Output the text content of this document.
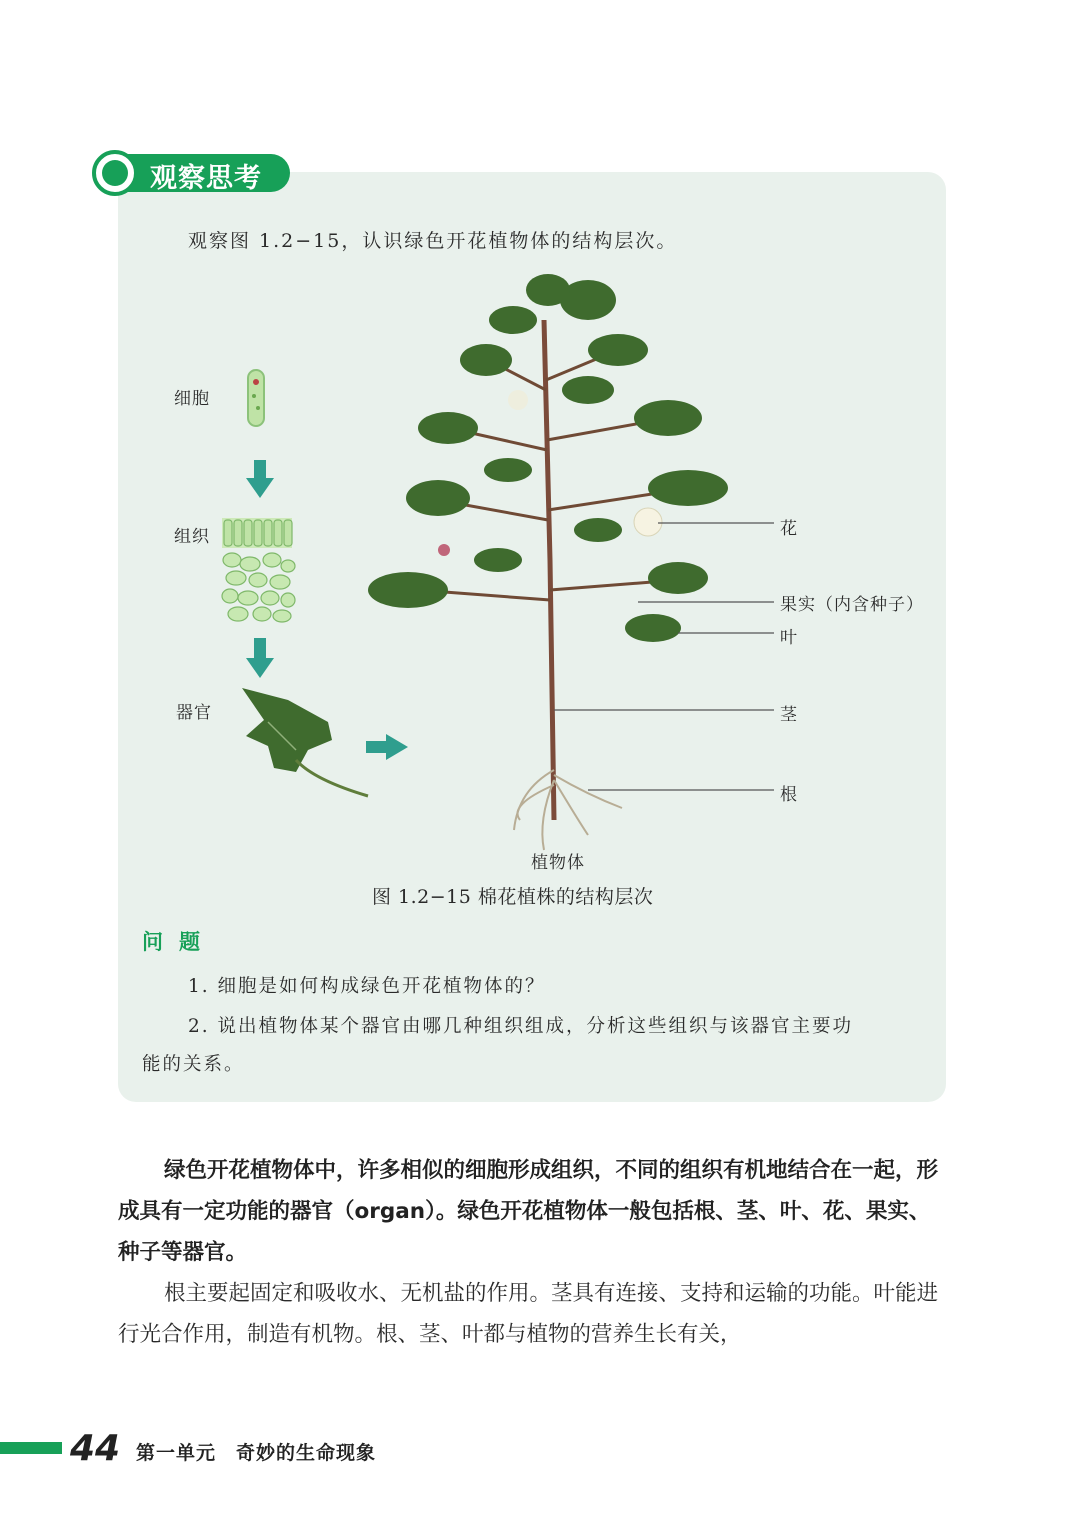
观察思考
观察图 1.2−15，认识绿色开花植物体的结构层次。
细胞
组织
器官
植物体
花
果实（内含种子）
叶
茎
根
图 1.2−15 棉花植株的结构层次
问题
1. 细胞是如何构成绿色开花植物体的？
2. 说出植物体某个器官由哪几种组织组成，分析这些组织与该器官主要功
能的关系。
绿色开花植物体中，许多相似的细胞形成组织，不同的组织有机地结合在一起，形成具有一定功能的器官（organ）。绿色开花植物体一般包括根、茎、叶、花、果实、种子等器官。
根主要起固定和吸收水、无机盐的作用。茎具有连接、支持和运输的功能。叶能进行光合作用，制造有机物。根、茎、叶都与植物的营养生长有关，
44 第一单元　奇妙的生命现象
